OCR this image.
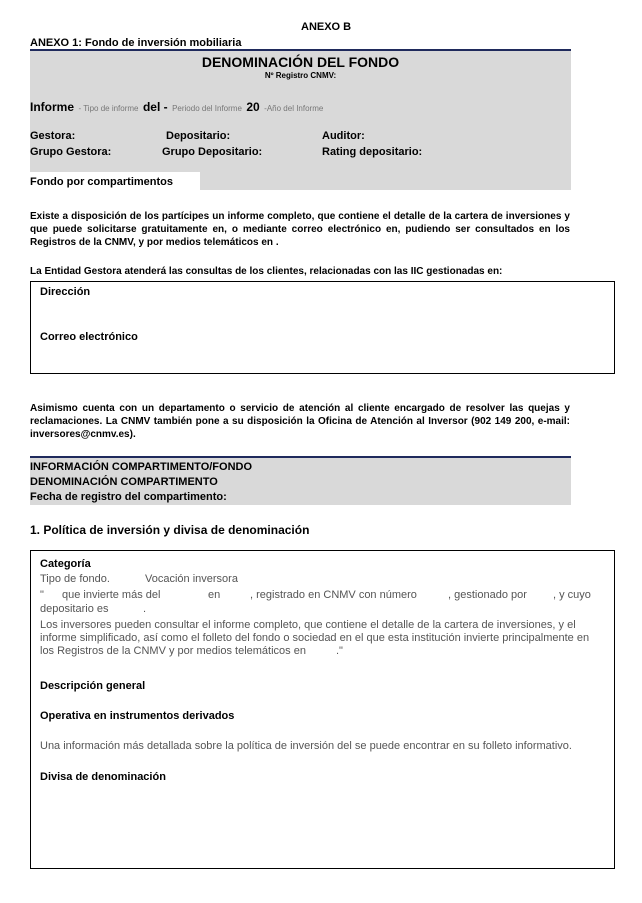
ANEXO B
ANEXO 1: Fondo de inversión mobiliaria
DENOMINACIÓN DEL FONDO
Nº Registro CNMV:
Informe - Tipo de informe del - Periodo del Informe 20 -Año del Informe
Gestora:	Depositario:	Auditor:
Grupo Gestora:	Grupo Depositario:	Rating depositario:
Fondo por compartimentos
Existe a disposición de los partícipes un informe completo, que contiene el detalle de la cartera de inversiones y que puede solicitarse gratuitamente en, o mediante correo electrónico en, pudiendo ser consultados en los Registros de la CNMV, y por medios telemáticos en .
La Entidad Gestora atenderá las consultas de los clientes, relacionadas con las IIC gestionadas en:
Dirección
Correo electrónico
Asimismo cuenta con un departamento o servicio de atención al cliente encargado de resolver las quejas y reclamaciones. La CNMV también pone a su disposición la Oficina de Atención al Inversor (902 149 200, e-mail: inversores@cnmv.es).
INFORMACIÓN COMPARTIMENTO/FONDO
DENOMINACIÓN COMPARTIMENTO
Fecha de registro del compartimento:
1. Política de inversión y divisa de denominación
Categoría
Tipo de fondo.	Vocación inversora
" que invierte más del	en	, registrado en CNMV con número	, gestionado por , y cuyo
depositario es	.
Los inversores pueden consultar el informe completo, que contiene el detalle de la cartera de inversiones, y el informe simplificado, así como el folleto del fondo o sociedad en el que esta institución invierte principalmente en los Registros de la CNMV y por medios telemáticos en	."
Descripción general
Operativa en instrumentos derivados
Una información más detallada sobre la política de inversión del se puede encontrar en su folleto informativo.
Divisa de denominación
